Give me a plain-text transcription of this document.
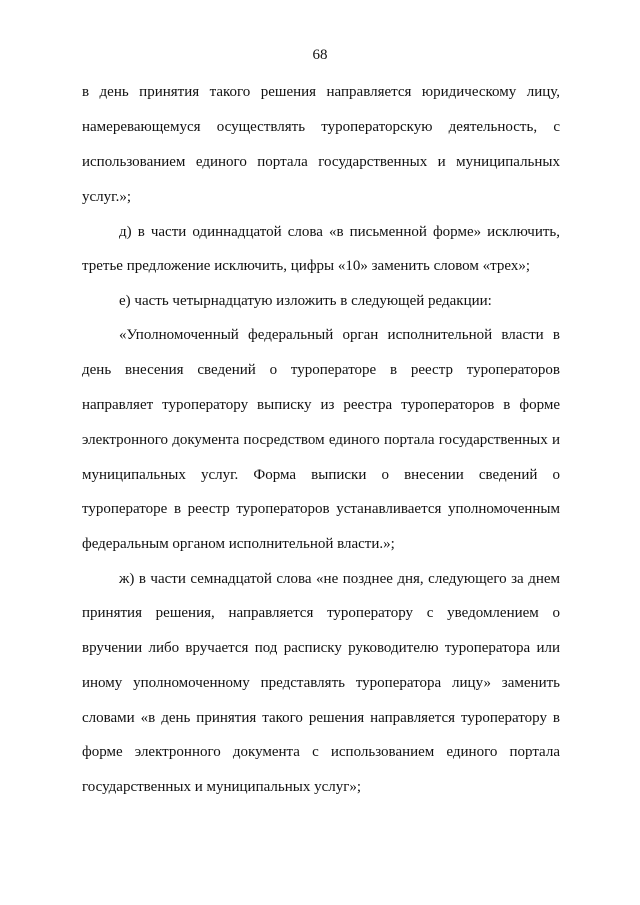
68
в день принятия такого решения направляется юридическому лицу,
намеревающемуся осуществлять туроператорскую деятельность, с
использованием единого портала государственных и муниципальных
услуг.»;
д) в части одиннадцатой слова «в письменной форме» исключить,
третье предложение исключить, цифры «10» заменить словом «трех»;
е) часть четырнадцатую изложить в следующей редакции:
«Уполномоченный федеральный орган исполнительной власти в
день внесения сведений о туроператоре в реестр туроператоров
направляет туроператору выписку из реестра туроператоров в форме
электронного документа посредством единого портала государственных и
муниципальных услуг. Форма выписки о внесении сведений о
туроператоре в реестр туроператоров устанавливается уполномоченным
федеральным органом исполнительной власти.»;
ж) в части семнадцатой слова «не позднее дня, следующего за днем
принятия решения, направляется туроператору с уведомлением о
вручении либо вручается под расписку руководителю туроператора или
иному уполномоченному представлять туроператора лицу» заменить
словами «в день принятия такого решения направляется туроператору в
форме электронного документа с использованием единого портала
государственных и муниципальных услуг»;
